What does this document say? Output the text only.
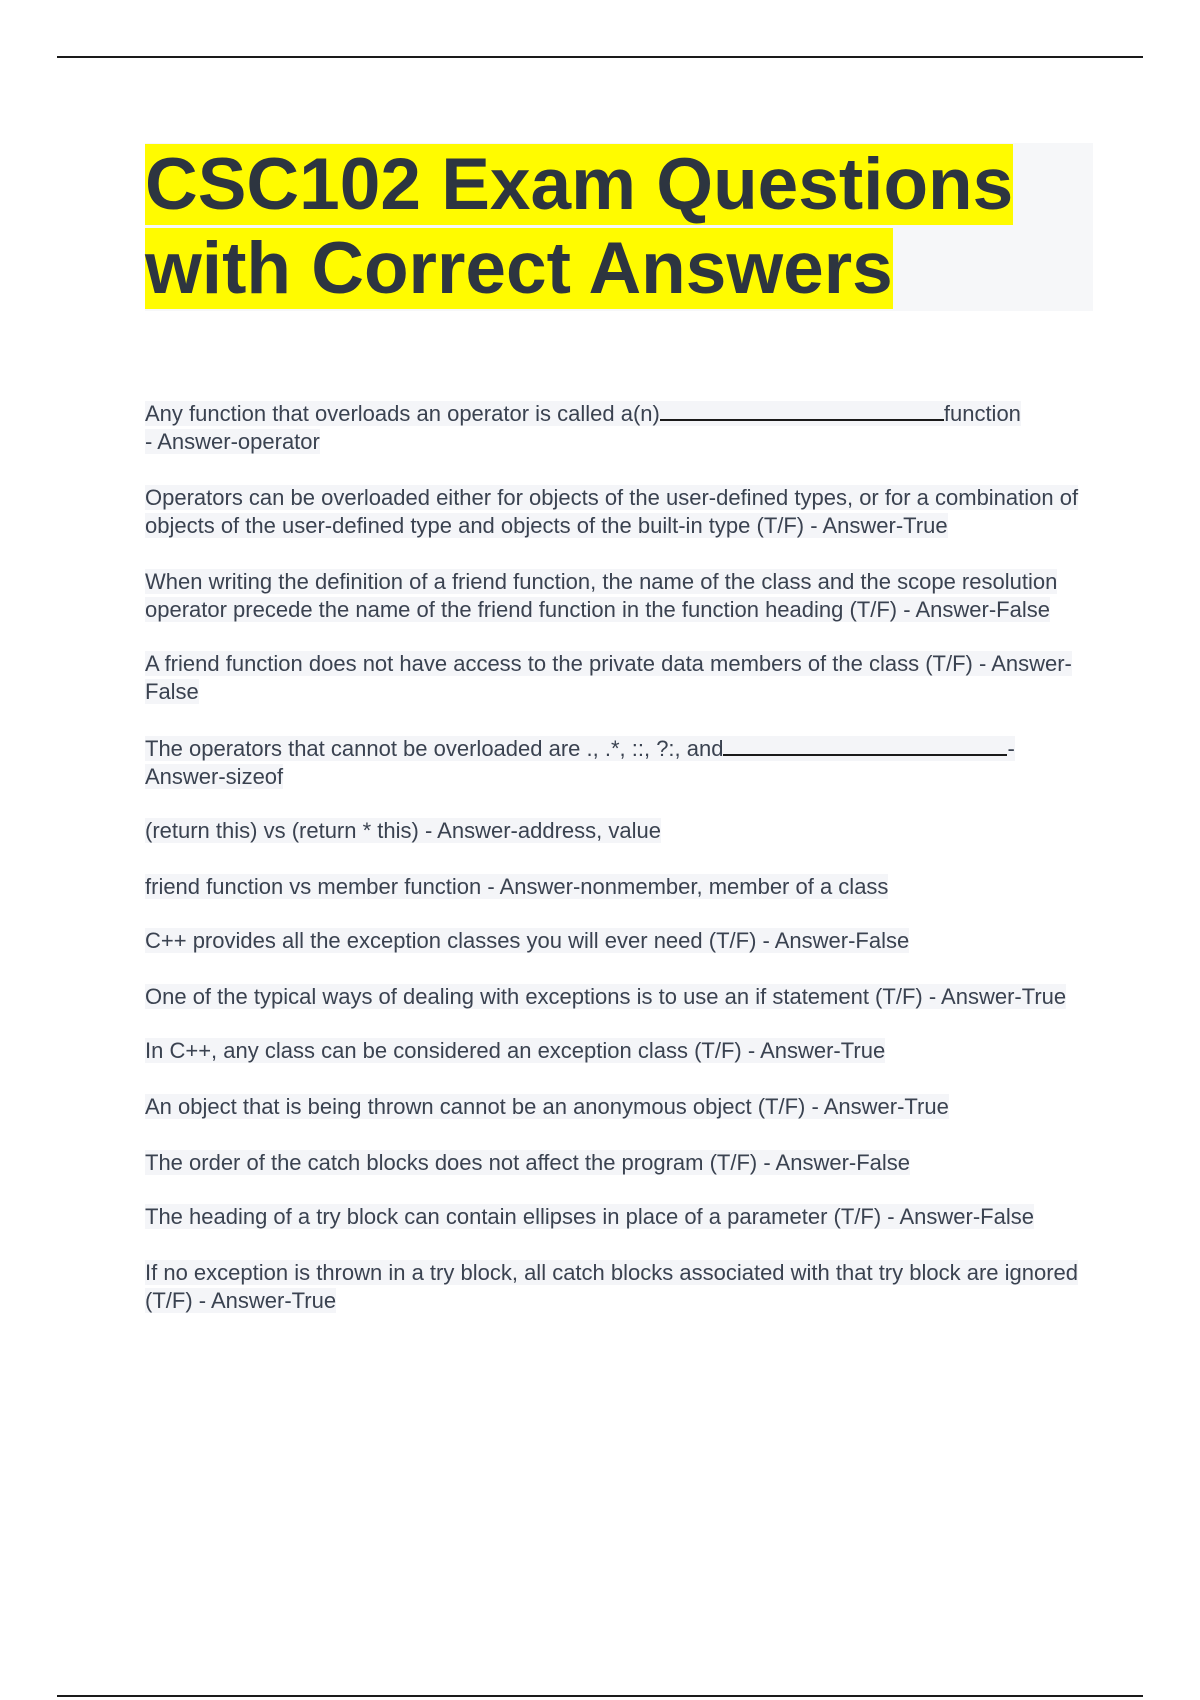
CSC102 Exam Questions
with Correct Answers
Any function that overloads an operator is called a(n)	function
- Answer-operator
Operators can be overloaded either for objects of the user-defined types, or for a combination of objects of the user-defined type and objects of the built-in type (T/F) - Answer-True
When writing the definition of a friend function, the name of the class and the scope resolution operator precede the name of the friend function in the function heading (T/F) - Answer-False
A friend function does not have access to the private data members of the class (T/F) - Answer-False
The operators that cannot be overloaded are ., .*, ::, ?:, and	-
Answer-sizeof
(return this) vs (return * this) - Answer-address, value
friend function vs member function - Answer-nonmember, member of a class
C++ provides all the exception classes you will ever need (T/F) - Answer-False
One of the typical ways of dealing with exceptions is to use an if statement (T/F) - Answer-True
In C++, any class can be considered an exception class (T/F) - Answer-True
An object that is being thrown cannot be an anonymous object (T/F) - Answer-True
The order of the catch blocks does not affect the program (T/F) - Answer-False
The heading of a try block can contain ellipses in place of a parameter (T/F) - Answer-False
If no exception is thrown in a try block, all catch blocks associated with that try block are ignored (T/F) - Answer-True
